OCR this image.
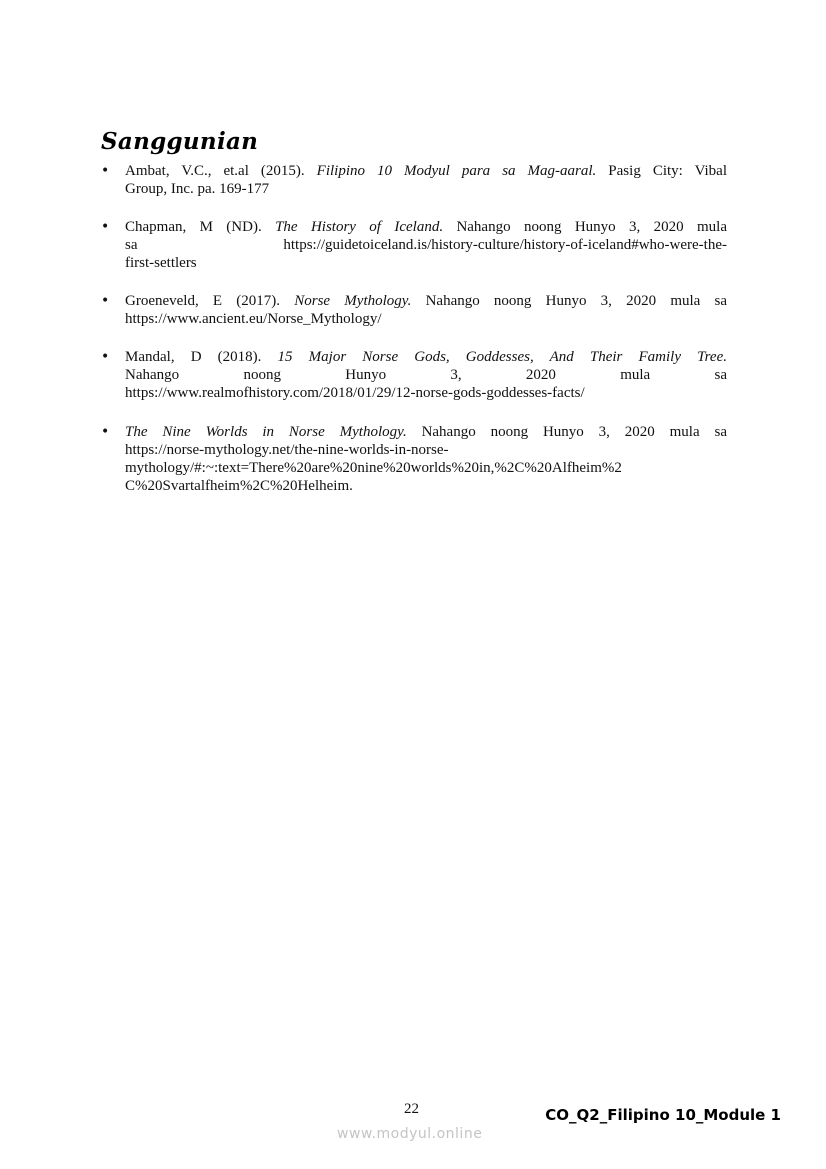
Sanggunian
• Ambat, V.C., et.al (2015). Filipino 10 Modyul para sa Mag-aaral. Pasig City: Vibal
Group, Inc. pa. 169-177
• Chapman, M (ND). The History of Iceland. Nahango noong Hunyo 3, 2020 mula
sa https://guidetoiceland.is/history-culture/history-of-iceland#who-were-the-
first-settlers
• Groeneveld, E (2017). Norse Mythology. Nahango noong Hunyo 3, 2020 mula sa
https://www.ancient.eu/Norse_Mythology/
• Mandal, D (2018). 15 Major Norse Gods, Goddesses, And Their Family Tree.
Nahango noong Hunyo 3, 2020 mula sa
https://www.realmofhistory.com/2018/01/29/12-norse-gods-goddesses-facts/
• The Nine Worlds in Norse Mythology. Nahango noong Hunyo 3, 2020 mula sa
https://norse-mythology.net/the-nine-worlds-in-norse-
mythology/#:~:text=There%20are%20nine%20worlds%20in,%2C%20Alfheim%2
C%20Svartalfheim%2C%20Helheim.
22	CO_Q2_Filipino 10_Module 1
www.modyul.online
